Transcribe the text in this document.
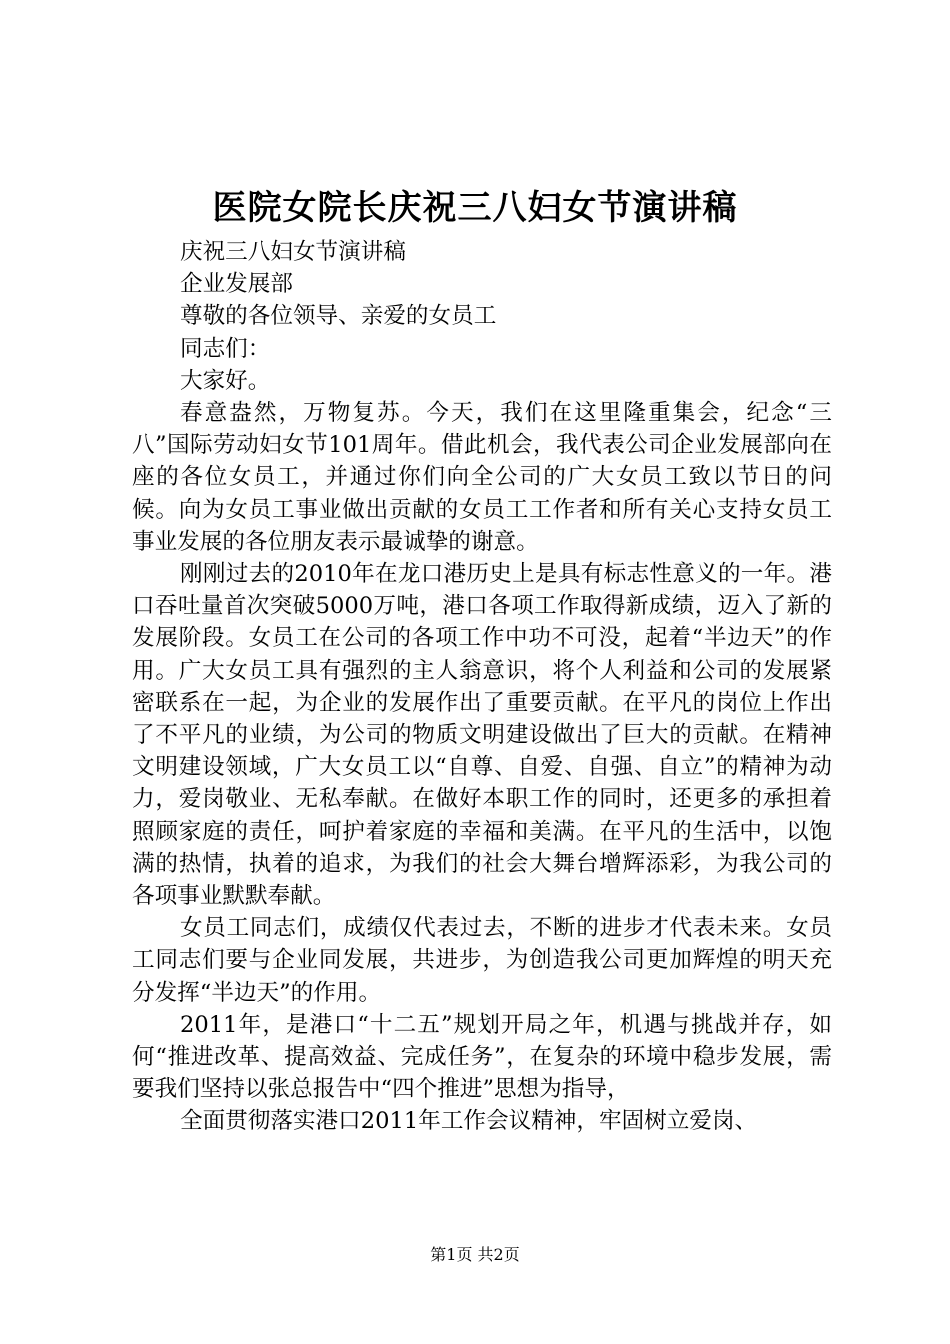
医院女院长庆祝三八妇女节演讲稿

庆祝三八妇女节演讲稿

企业发展部

尊敬的各位领导、亲爱的女员工

同志们：

大家好。

春意盎然，万物复苏。今天，我们在这里隆重集会，纪念“三八”国际劳动妇女节101周年。借此机会，我代表公司企业发展部向在座的各位女员工，并通过你们向全公司的广大女员工致以节日的问候。向为女员工事业做出贡献的女员工工作者和所有关心支持女员工事业发展的各位朋友表示最诚挚的谢意。

刚刚过去的2010年在龙口港历史上是具有标志性意义的一年。港口吞吐量首次突破5000万吨，港口各项工作取得新成绩，迈入了新的发展阶段。女员工在公司的各项工作中功不可没，起着“半边天”的作用。广大女员工具有强烈的主人翁意识，将个人利益和公司的发展紧密联系在一起，为企业的发展作出了重要贡献。在平凡的岗位上作出了不平凡的业绩，为公司的物质文明建设做出了巨大的贡献。在精神文明建设领域，广大女员工以“自尊、自爱、自强、自立”的精神为动力，爱岗敬业、无私奉献。在做好本职工作的同时，还更多的承担着照顾家庭的责任，呵护着家庭的幸福和美满。在平凡的生活中，以饱满的热情，执着的追求，为我们的社会大舞台增辉添彩，为我公司的各项事业默默奉献。

女员工同志们，成绩仅代表过去，不断的进步才代表未来。女员工同志们要与企业同发展，共进步，为创造我公司更加辉煌的明天充分发挥“半边天”的作用。

2011年，是港口“十二五”规划开局之年，机遇与挑战并存，如何“推进改革、提高效益、完成任务”，在复杂的环境中稳步发展，需要我们坚持以张总报告中“四个推进”思想为指导，

全面贯彻落实港口2011年工作会议精神，牢固树立爱岗、

第1页 共2页
